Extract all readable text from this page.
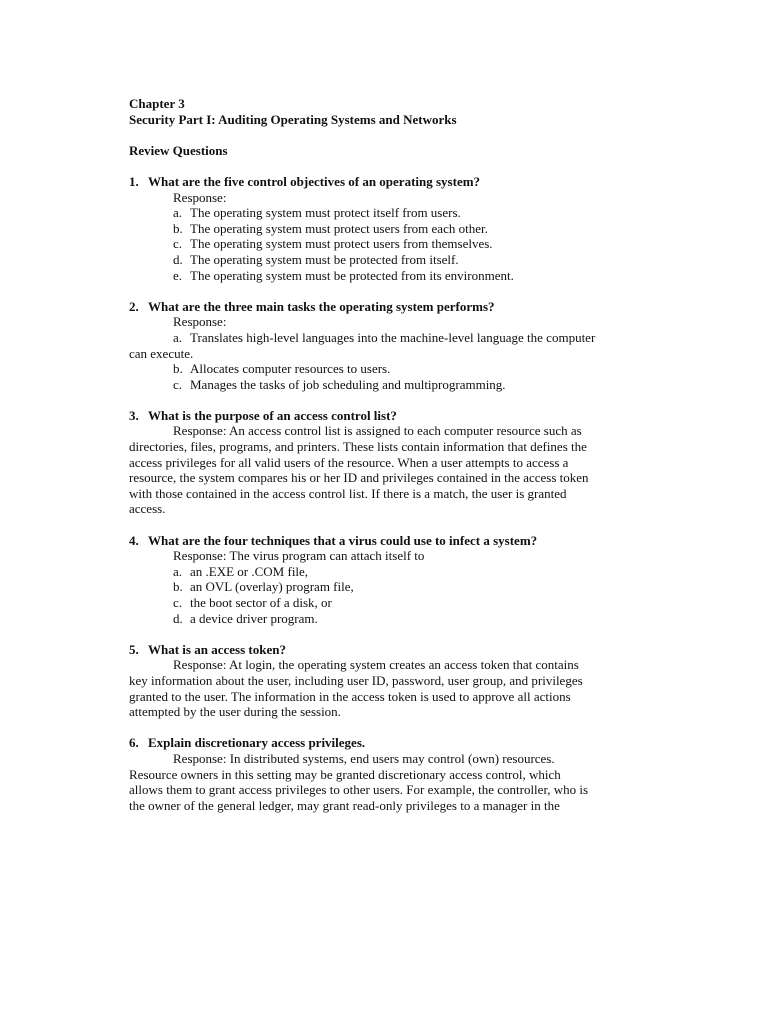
Chapter 3
Security Part I: Auditing Operating Systems and Networks
Review Questions
1. What are the five control objectives of an operating system?
Response:
a. The operating system must protect itself from users.
b. The operating system must protect users from each other.
c. The operating system must protect users from themselves.
d. The operating system must be protected from itself.
e. The operating system must be protected from its environment.
2. What are the three main tasks the operating system performs?
Response:
a. Translates high-level languages into the machine-level language the computer
can execute.
b. Allocates computer resources to users.
c. Manages the tasks of job scheduling and multiprogramming.
3. What is the purpose of an access control list?
Response: An access control list is assigned to each computer resource such as
directories, files, programs, and printers. These lists contain information that defines the
access privileges for all valid users of the resource. When a user attempts to access a
resource, the system compares his or her ID and privileges contained in the access token
with those contained in the access control list. If there is a match, the user is granted
access.
4. What are the four techniques that a virus could use to infect a system?
Response: The virus program can attach itself to
a. an .EXE or .COM file,
b. an OVL (overlay) program file,
c. the boot sector of a disk, or
d. a device driver program.
5. What is an access token?
Response: At login, the operating system creates an access token that contains
key information about the user, including user ID, password, user group, and privileges
granted to the user. The information in the access token is used to approve all actions
attempted by the user during the session.
6. Explain discretionary access privileges.
Response: In distributed systems, end users may control (own) resources.
Resource owners in this setting may be granted discretionary access control, which
allows them to grant access privileges to other users. For example, the controller, who is
the owner of the general ledger, may grant read-only privileges to a manager in the
